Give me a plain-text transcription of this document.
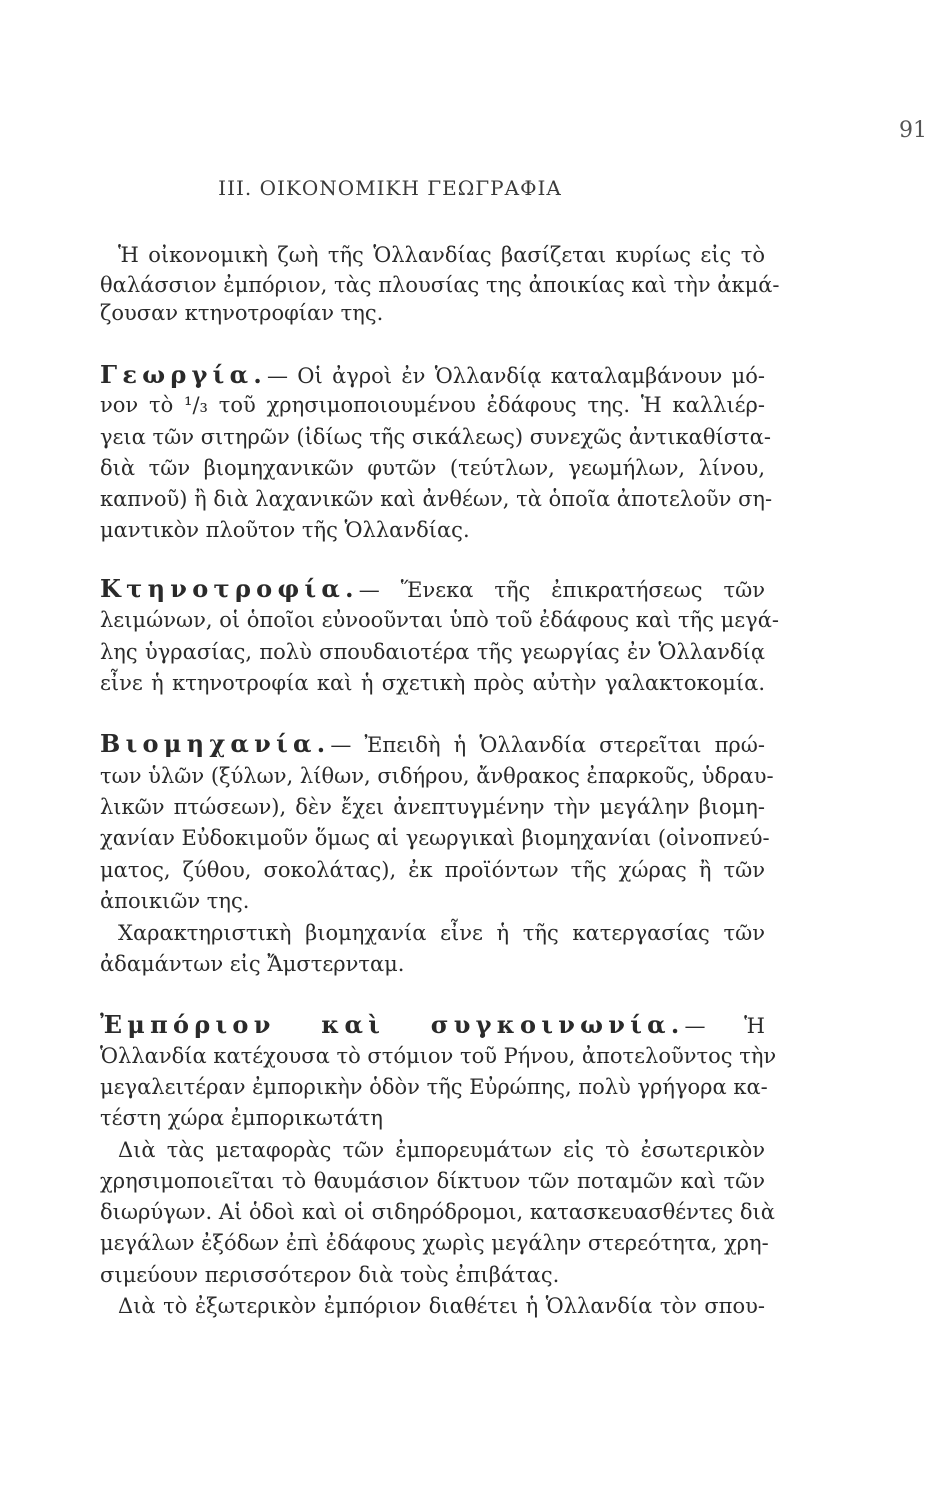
91
III. ΟΙΚΟΝΟΜΙΚΗ ΓΕΩΓΡΑΦΙΑ
Ἡ οἰκονομικὴ ζωὴ τῆς Ὁλλανδίας βασίζεται κυρίως εἰς τὸ
θαλάσσιον ἐμπόριον, τὰς πλουσίας της ἀποικίας καὶ τὴν ἀκμά-
ζουσαν κτηνοτροφίαν της.
Γεωργία.— Οἱ ἀγροὶ ἐν Ὁλλανδίᾳ καταλαμβάνουν μό-
νον τὸ ¹/₃ τοῦ χρησιμοποιουμένου ἐδάφους της. Ἡ καλλιέρ-
γεια τῶν σιτηρῶν (ἰδίως τῆς σικάλεως) συνεχῶς ἀντικαθίστα-
διὰ τῶν βιομηχανικῶν φυτῶν (τεύτλων, γεωμήλων, λίνου,
καπνοῦ) ἢ διὰ λαχανικῶν καὶ ἀνθέων, τὰ ὁποῖα ἀποτελοῦν ση-
μαντικὸν πλοῦτον τῆς Ὁλλανδίας.
Κτηνοτροφία.— Ἕνεκα τῆς ἐπικρατήσεως τῶν
λειμώνων, οἱ ὁποῖοι εὐνοοῦνται ὑπὸ τοῦ ἐδάφους καὶ τῆς μεγά-
λης ὑγρασίας, πολὺ σπουδαιοτέρα τῆς γεωργίας ἐν Ὁλλανδίᾳ
εἶνε ἡ κτηνοτροφία καὶ ἡ σχετικὴ πρὸς αὐτὴν γαλακτοκομία.
Βιομηχανία.— Ἐπειδὴ ἡ Ὁλλανδία στερεῖται πρώ-
των ὑλῶν (ξύλων, λίθων, σιδήρου, ἄνθρακος ἐπαρκοῦς, ὑδραυ-
λικῶν πτώσεων), δὲν ἔχει ἀνεπτυγμένην τὴν μεγάλην βιομη-
χανίαν Εὐδοκιμοῦν ὅμως αἱ γεωργικαὶ βιομηχανίαι (οἰνοπνεύ-
ματος, ζύθου, σοκολάτας), ἐκ προϊόντων τῆς χώρας ἢ τῶν
ἀποικιῶν της.
Χαρακτηριστικὴ βιομηχανία εἶνε ἡ τῆς κατεργασίας τῶν
ἀδαμάντων εἰς Ἄμστερνταμ.
Ἐμπόριον καὶ συγκοινωνία.— Ἡ
Ὁλλανδία κατέχουσα τὸ στόμιον τοῦ Ρήνου, ἀποτελοῦντος τὴν
μεγαλειτέραν ἐμπορικὴν ὁδὸν τῆς Εὐρώπης, πολὺ γρήγορα κα-
τέστη χώρα ἐμπορικωτάτη
Διὰ τὰς μεταφορὰς τῶν ἐμπορευμάτων εἰς τὸ ἐσωτερικὸν
χρησιμοποιεῖται τὸ θαυμάσιον δίκτυον τῶν ποταμῶν καὶ τῶν
διωρύγων. Αἱ ὁδοὶ καὶ οἱ σιδηρόδρομοι, κατασκευασθέντες διὰ
μεγάλων ἐξόδων ἐπὶ ἐδάφους χωρὶς μεγάλην στερεότητα, χρη-
σιμεύουν περισσότερον διὰ τοὺς ἐπιβάτας.
Διὰ τὸ ἐξωτερικὸν ἐμπόριον διαθέτει ἡ Ὁλλανδία τὸν σπου-
